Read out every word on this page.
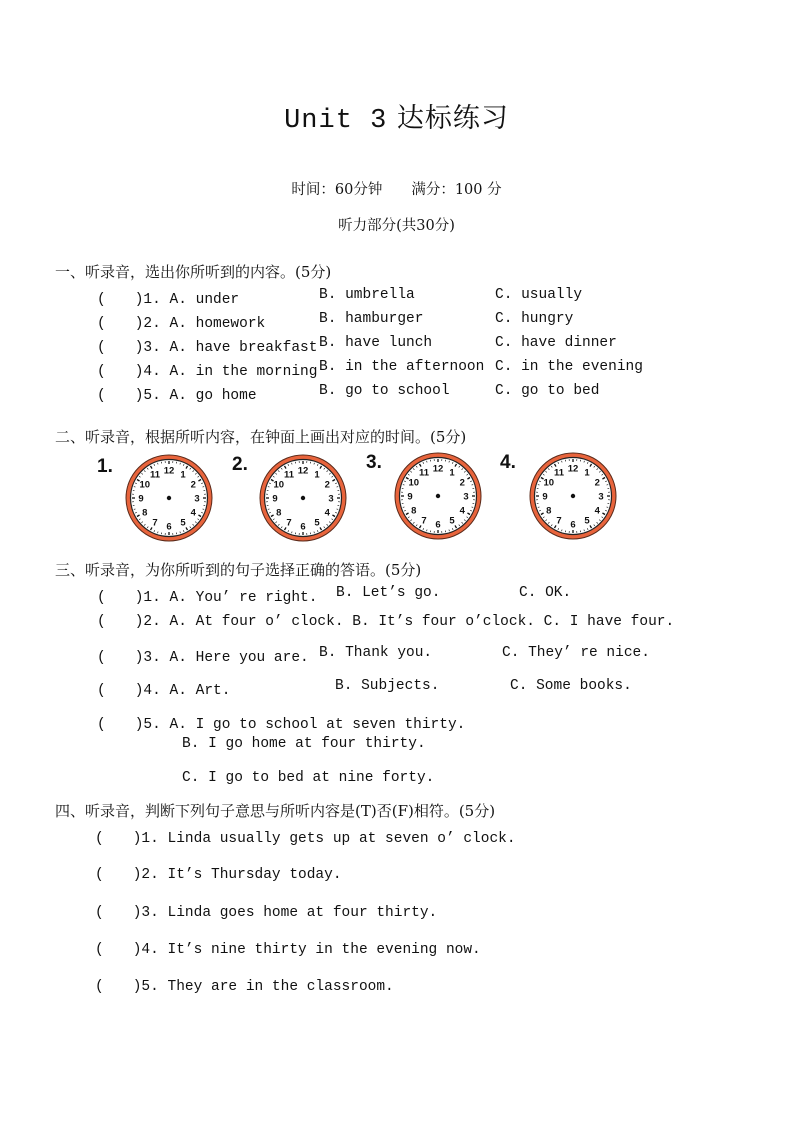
Unit 3 达标练习
时间：60分钟　　满分：100 分
听力部分(共30分)
一、听录音，选出你所听到的内容。(5分)
(　　)1. A. under	B. umbrella	C. usually
(　　)2. A. homework	B. hamburger	C. hungry
(　　)3. A. have breakfast B. have lunch	C. have dinner
(　　)4. A. in the morning B. in the afternoon C. in the evening
(　　)5. A. go home	B. go to school	C. go to bed
二、听录音，根据所听内容，在钟面上画出对应的时间。(5分)
1.	2.	3.	4.
12 1
2
3
4
5
6
7
8
9
10
11	12 1
2
3
4
5
6
7
8
9
10
11
12 1
2
3
4
5
6
7
8
9
10
11	12 1
2
3
4
5
6
7
8
9
10
11
三、听录音，为你所听到的句子选择正确的答语。(5分)
(　　)1. A. You’ re right. B. Let’s go.	C. OK.
(　　)2. A. At four o’ clock. B. It’s four o’clock. C. I have four.
(　　)3. A. Here you are. B. Thank you.	C. They’ re nice.
(　　)4. A. Art.	B. Subjects.	C. Some books.
(　　)5. A. I go to school at seven thirty.
B. I go home at four thirty.
C. I go to bed at nine forty.
四、听录音，判断下列句子意思与所听内容是(T)否(F)相符。(5分)
(　　)1. Linda usually gets up at seven o’ clock.
(　　)2. It’s Thursday today.
(　　)3. Linda goes home at four thirty.
(　　)4. It’s nine thirty in the evening now.
(　　)5. They are in the classroom.
